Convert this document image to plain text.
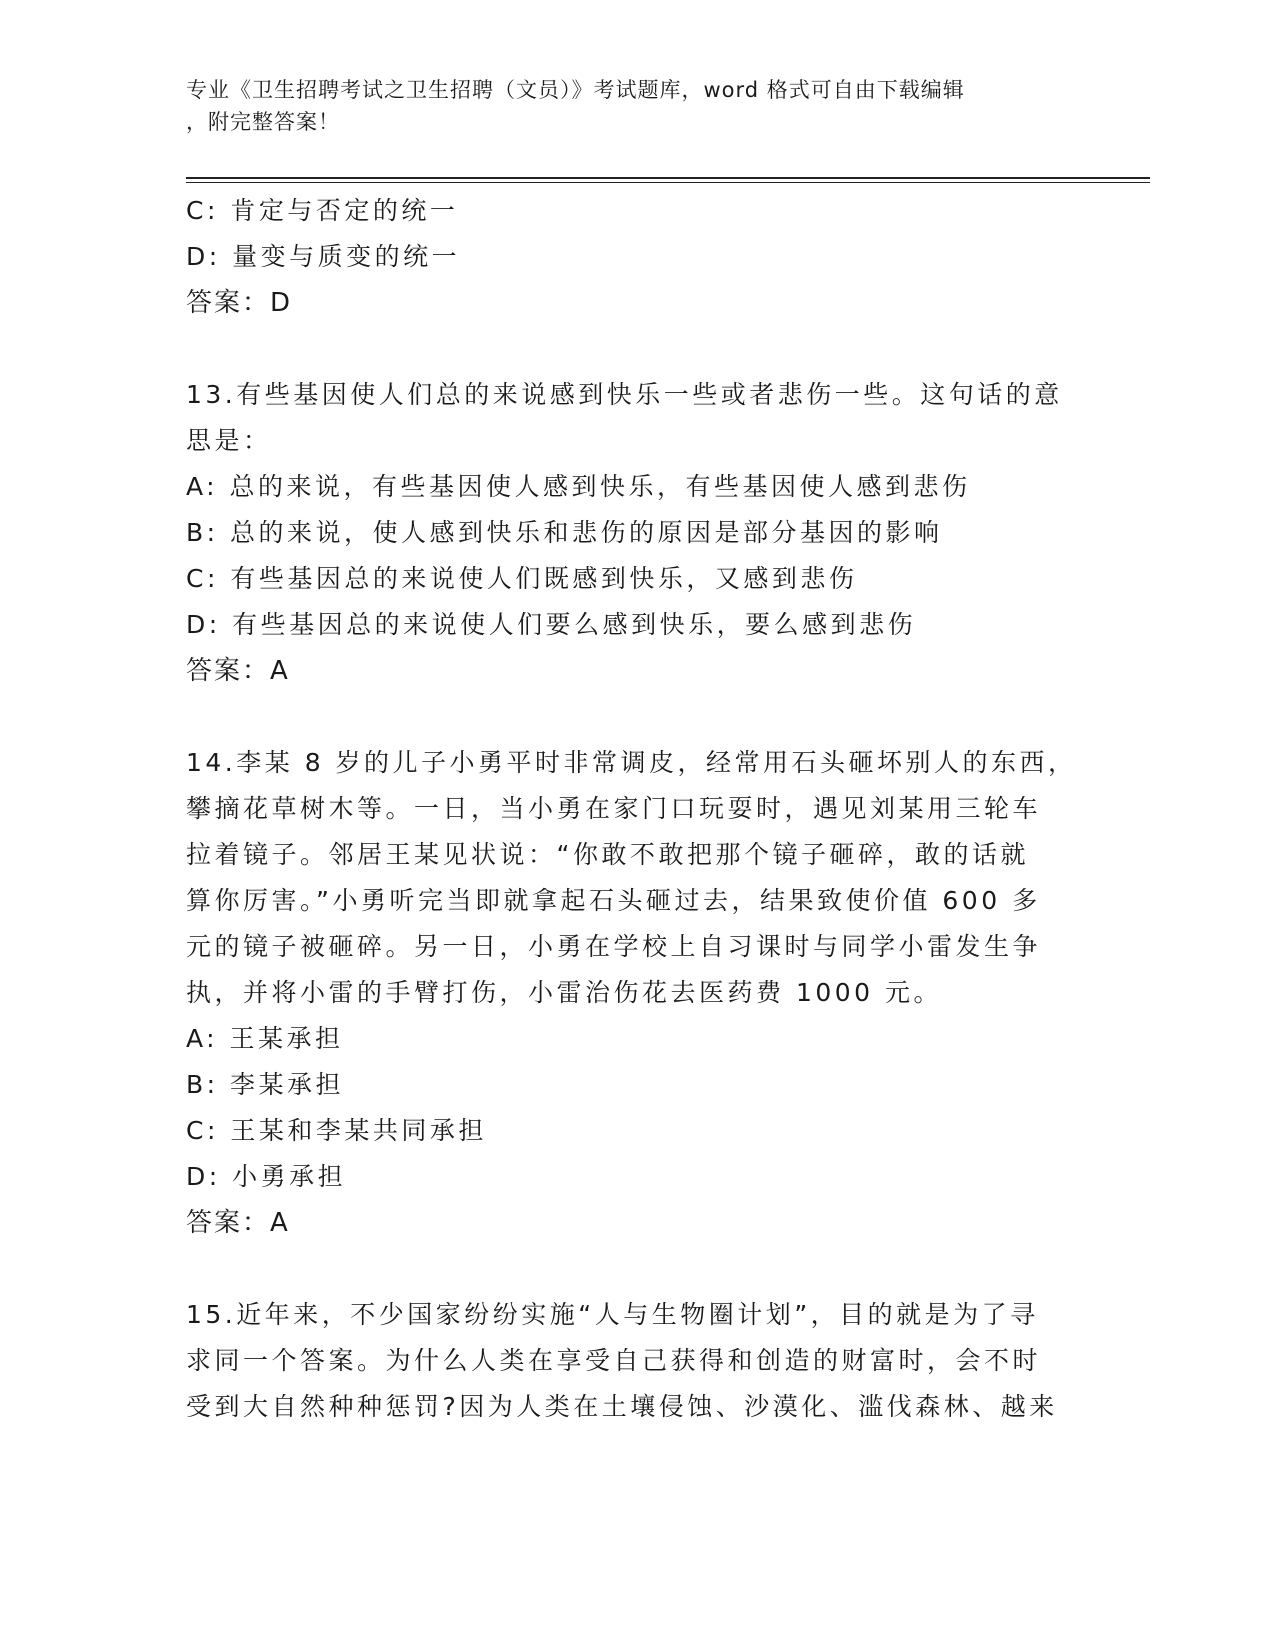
专业《卫生招聘考试之卫生招聘（文员）》考试题库，word 格式可自由下载编辑
，附完整答案！
C: 肯定与否定的统一
D: 量变与质变的统一
答案：D
13.有些基因使人们总的来说感到快乐一些或者悲伤一些。这句话的意
思是：
A: 总的来说，有些基因使人感到快乐，有些基因使人感到悲伤
B: 总的来说，使人感到快乐和悲伤的原因是部分基因的影响
C: 有些基因总的来说使人们既感到快乐，又感到悲伤
D: 有些基因总的来说使人们要么感到快乐，要么感到悲伤
答案：A
14.李某 8 岁的儿子小勇平时非常调皮，经常用石头砸坏别人的东西，
攀摘花草树木等。一日，当小勇在家门口玩耍时，遇见刘某用三轮车
拉着镜子。邻居王某见状说：“你敢不敢把那个镜子砸碎，敢的话就
算你厉害。”小勇听完当即就拿起石头砸过去，结果致使价值 600 多
元的镜子被砸碎。另一日，小勇在学校上自习课时与同学小雷发生争
执，并将小雷的手臂打伤，小雷治伤花去医药费 1000 元。
A: 王某承担
B: 李某承担
C: 王某和李某共同承担
D: 小勇承担
答案：A
15.近年来，不少国家纷纷实施“人与生物圈计划”，目的就是为了寻
求同一个答案。为什么人类在享受自己获得和创造的财富时，会不时
受到大自然种种惩罚?因为人类在土壤侵蚀、沙漠化、滥伐森林、越来
